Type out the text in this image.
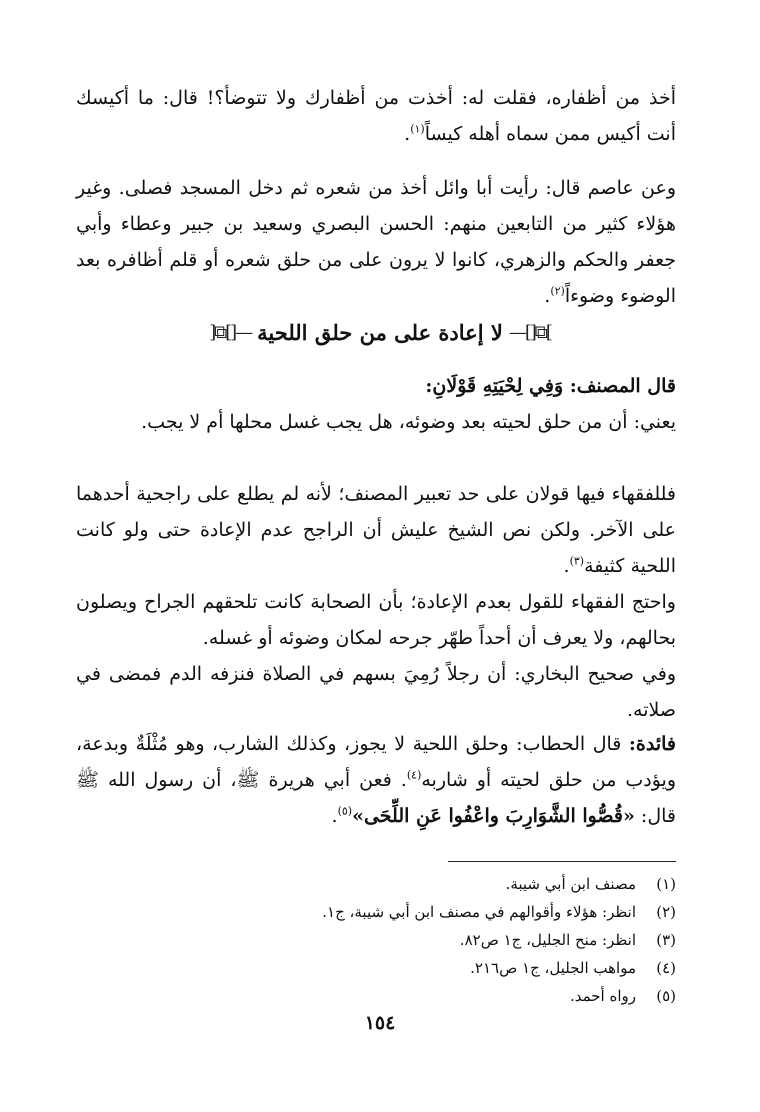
أخذ من أظفاره، فقلت له: أخذت من أظفارك ولا تتوضأ؟! قال: ما أكيسك أنت أكيس ممن سماه أهله كيساً$^{(١)}$.
وعن عاصم قال: رأيت أبا وائل أخذ من شعره ثم دخل المسجد فصلى. وغير هؤلاء كثير من التابعين منهم: الحسن البصري وسعيد بن جبير وعطاء وأبي جعفر والحكم والزهري، كانوا لا يرون على من حلق شعره أو قلم أظافره بعد الوضوء وضوءاً$^{(٢)}$.
]⧉[]—
لا إعادة على من حلق اللحية
—[]⧉[
قال المصنف: وَفِي لِحْيَتِهِ قَوْلَانِ:
يعني: أن من حلق لحيته بعد وضوئه، هل يجب غسل محلها أم لا يجب.
فللفقهاء فيها قولان على حد تعبير المصنف؛ لأنه لم يطلع على راجحية أحدهما على الآخر. ولكن نص الشيخ عليش أن الراجح عدم الإعادة حتى ولو كانت اللحية كثيفة$^{(٣)}$.
واحتج الفقهاء للقول بعدم الإعادة؛ بأن الصحابة كانت تلحقهم الجراح ويصلون بحالهم، ولا يعرف أن أحداً طهّر جرحه لمكان وضوئه أو غسله.
وفي صحيح البخاري: أن رجلاً رُمِيَ بسهم في الصلاة فنزفه الدم فمضى في صلاته.
فائدة: قال الحطاب: وحلق اللحية لا يجوز، وكذلك الشارب، وهو مُثْلَةٌ وبدعة، ويؤدب من حلق لحيته أو شاربه$^{(٤)}$. فعن أبي هريرة ﷺ، أن رسول الله ﷺ قال: «قُصُّوا الشَّوَارِبَ واعْفُوا عَنِ اللِّحَى»$^{(٥)}$.
(١)مصنف ابن أبي شيبة.
(٢)انظر: هؤلاء وأقوالهم في مصنف ابن أبي شيبة، ج١.
(٣)انظر: منح الجليل، ج١ ص٨٢.
(٤)مواهب الجليل، ج١ ص٢١٦.
(٥)رواه أحمد.
١٥٤
